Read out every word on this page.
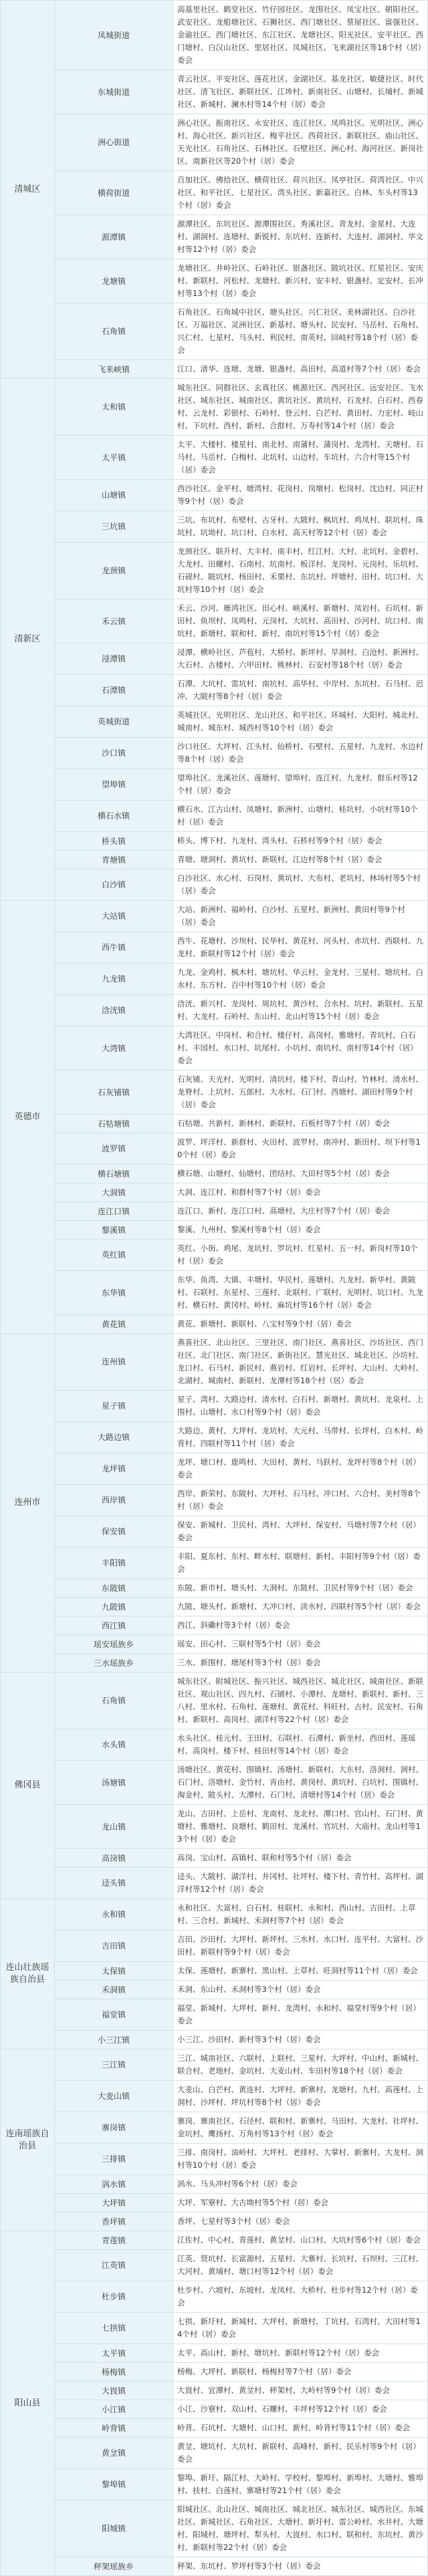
清城区	凤城街道	高基里社区、鹤堂社区、竹仔园社区、龙围社区、凤宝社区、朝阳社区、武安社区、龙船塘社区、石狮社区、西门塘社区、蔡屋社区、富强社区、金渝社区、西门塘社区、东江社区、龙塘社区、阳光社区、安平社区、西门塘村、白汉山社区、里居社区、凤城社区、飞来湖社区等18个村（居）委会
	东城街道	青云社区、平安社区、莲花社区、金湖社区、基龙社区、敏捷社区、时代社区、清飞社区、新联社区、江埗村、新南社区、山塘村、长埔村、新城社区、新城村、澜水村等14个村（居）委会
	洲心街道	洲心社区、振南社区、永安社区、连江社区、凤鸣社区、光明社区、洲心村、海心社区、新兴社区、梅平社区、西荷社区、新联社区、庙山社区、天光社区、石角社区、石林社区、石壁社区、洲心村、海河社区、新岗社区、南新社区等20个村（居）委会
	横荷街道	百加社区、佛拾社区、横荷社区、荷兴社区、凤亭社区、荷湾社区、中兴社区、和平社区、七星社区、湾头社区、新嘉社区、白林、车头村等13个村（居）委会
	源潭镇	源潭社区、东坑社区、源潭围社区、秀溪社区、青龙村、金星村、大连村、湖洞村、连塘村、新锐村、东坑村、连新村、大连村、湖洞村、华文村等12个村（居）委会
	龙塘镇	龙塘社区、井岭社区、石岭社区、银盏社区、陂坑社区、红星社区、安庆村、新联村、河松村、龙塘村、新兴村、安丰村、银盏村、定安村、长冲村等13个村（居）委会
	石角镇	石角社区、石角城中社区、塘头社区、兴仁社区、美林湖社区、白沙社区、万福社区、灵洲社区、新基村、塘头村、民安村、马岳村、石角村、兴仁村、七星村、马头村、利民村、南英村、回岐村等18个村（居）委会
	飞来峡镇	江口、清华、连塘、龙塘、银盏村、高田村、高道村等7个村（居）委会
清新区	太和镇	城东社区、同群社区、玄真社区、桃源社区、西河社区、远安社区、飞水社区、城东社区、城南社区、黄坑社区、黄坑村、石龙村、白石村、西春村、云龙村、彩银村、石岭村、登云村、白芒村、黄田村、力宏村、岐山村、下坑村、西村、新村、合群村、万寿村等14个村（居）委会
	太平镇	太平、大楼村、楼星村、南北村、南蒲村、蒲岗村、龙湾村、天塘村、石马村、马岳村、白梅村、北坑村、山边村、车坑村、六合村等15个村（居）委会
	山塘镇	西沙社区、金平村、塘湾村、花岗村、岗墩村、松岗村、沈边村、同正村等9个村（居）委会
	三坑镇	三坑、布坑村、布壁村、古牙村、大陂村、枫坑村、鸡凤村、联坑村、珠坑村、坑坳村、坑口村、白水村、高天村等12个村（居）委会
	龙颈镇	龙颈社区、联升村、大丰村、南丰村、红江村、大村、北坑村、金碧村、大龙村、田螺村、石南村、坑南村、板洋村、龙岗村、元岗村、乐坑村、石砚村、陂坑村、杨田村、禾栗村、东坑村、坪塘村、田村、坑口村、大坑村等10个村（居）委会
	禾云镇	禾云、沙河、雁鸿社区、田心村、峡溪村、新塘村、凤岩村、石坑村、新田村、鱼坝村、凤鸣村、元岗村、大坑村、高田村、沙河村、坑口村、南坑村、新塘村、联和村、新村、南坑村等15个村（居）委会
	浸潭镇	浸潭、横岭社区、芦苞村、大桥村、新坪村、旱洞村、白沧村、新洲村、大石村、古楼村、六甲田村、桃林村、石安村等18个村（居）委会
	石潭镇	石潭、大坑村、雷坑村、南坑村、高华村、中岸村、东坑村、石马村、迟冲、大陂村等8个村（居）委会
	英城街道	英城社区、光明社区、龙山社区、和平社区、环城村、大阳村、城北村、城南村、城东村、城西村等10个村（居）委会
	沙口镇	沙口社区、大坪村、江头村、仙桥村、石壁村、五星村、九龙村、水边村等8个村（居）委会
	望埠镇	望埠社区、龙溪社区、莲塘村、望埠村、连江村、九龙村、群乐村等12个村（居）委会
	横石水镇	横石水、江古山村、凤塘村、新洲村、山塘村、桂坑村、小坑村等10个村（居）委会
	桥头镇	桥头、博下村、九龙村、湾头村、石桥村等9个村（居）委会
	青塘镇	青塘、塘洞村、黄坑村、新联村、江边村等8个村（居）委会
	白沙镇	白沙社区、水心村、石岗村、黄坑村、大布村、老坑村、林场村等5个村（居）委会
英德市	大站镇	大站、新洲村、福岭村、白沙村、五星村、新洲村、黄田村等9个村（居）委会
	西牛镇	西牛、花塘村、沙坝村、民华村、黄花村、河头村、赤坑村、西联村、九龙村、新联村等12个村（居）委会
	九龙镇	九龙、金鸡村、枫木村、塘坑村、华云村、金龙村、三星村、塘坑村、白水村、东方村、百中村等10个村（居）委会
	浛洸镇	浛洸、新兴村、龙岗村、周坑村、黄沙村、合水村、坑村、新联村、五星村、大龙村、石岭村、东山村、北山村等15个村（居）委会
	大湾镇	大湾社区、中岗村、和合村、楼仔村、高岗村、雅塘村、青坑村、白石村、丰园村、水口村、坑尾村、小坑村、南坑村、南村等14个村（居）委会
	石灰铺镇	石灰铺、天光村、光明村、清坑村、楼下村、青山村、竹林村、清水村、龙脊村、上坑村、五郎村、大水村、石门村、西塘村、湖田村等9个村（居）委会
	石牯塘镇	石牯塘、共新村、新林村、新联村、石板村等7个村（居）委会
	波罗镇	波罗、坪洋村、新群村、火田村、波罗村、南冲村、新田村、坝下村等10个村（居）委会
	横石塘镇	横石塘、山塘村、仙塘村、团结村、大田村等5个村（居）委会
	大洞镇	大洞、连江村、和群村等7个村（居）委会
	连江口镇	连江口、新村、连江口村、高塘村、大庄村等7个村（居）委会
	黎溪镇	黎溪、九州村、黎溪村等8个村（居）委会
	英红镇	英红、小街、鸡尾、龙坑村、罗坑村、红星村、五一村、新岗村等10个村（居）委会
	东华镇	东华、鱼湾、大镇、丰塘村、华民村、莲塘村、九龙村、新华村、黄陂村、石联村、东星村、三莲村、北联村、广联村、光明村、坑口村、九龙村、横石村、黄冈村、岭村、麻坑村等16个村（居）委会
	黄花镇	黄花、新塘村、新联村、八宝村等9个村（居）委会
连州市	连州镇	燕喜社区、北山社区、三里社区、南门社区、燕喜社区、沙坊社区、西门社区、北门社区、南门社区、新街社区、慧光社区、城北社区、沙坊村、龙口村、石马村、新民村、燕岩村、红岩村、长坪村、大山村、大岭村、北湖村、城南村、新联村、龙潭村等18个村（居）委会
	星子镇	星子、湾村、大路边村、清水村、白石村、新塘村、黄坑村、龙泉村、上围村、山塘村、水口村等9个村（居）委会
	大路边镇	大路边、黄村、大坪村、龙坑村、大元村、马带村、长坪村、白木村、岭背村、四联村等11个村（居）委会
	龙坪镇	龙坪、塘口村、鹿鸣村、大田村、黄村、马跃村、龙坪村等8个村（居）委会
	西岸镇	西岸、新荣村、东陂村、大坪村、石马村、冲口村、六合村、美村等8个村（居）委会
	保安镇	保安、新城村、卫民村、湾村、大坪村、保安村、马塘村等7个村（居）委会
	丰阳镇	丰阳、夏东村、东村、畔水村、联塘村、新村、丰阳村等9个村（居）委会
	东陂镇	东陂、新市村、塘头村、大洞村、东陂村、卫民村等9个村（居）委会
	九陂镇	九陂、塘头村、新塘村、大冲口村、淡水村、四联村等5个村（居）委会
	西江镇	西江、斜磡村等3个村（居）委会
	瑶安瑶族乡	瑶安、田心村、三联村等5个村（居）委会
	三水瑶族乡	三水、新围村、塘尾村等3个村（居）委会
佛冈县	石角镇	城东社区、附城社区、振兴社区、城西社区、城北社区、城南社区、新联社区、观山社区、四九村、石铺村、小潭村、龙塘村、新联村、新村、三八村、里水村、石角村、莲塘村、黄花村、科旺村、古村、民安村、石角村、新联村、高岗村、湖洋村等22个村（居）委会
	水头镇	水头社区、桂元村、王田村、石联村、石潭村、新坐村、西田村、莲瑶村、高岗村、楼下村、桂田村等14个村（居）委会
	汤塘镇	汤塘社区、黄花村、围镇村、汤塘村、新联村、大东村、洛洞村、洞村、石门村、洛塘村、金竹村、宵由村、黄岗村、黄坑村、白坑村、围镇村、淘金村、陂头村、大潭村、石门村、清塘村等14个村（居）委会
	龙山镇	龙山、吉田村、上岳村、龙南村、龙北村、潭口村、官山村、石门村、黄塘村、雅塘村、良塘村、鹤田村、龙溪村、官坑村、大庙村、龙山村等13个村（居）委会
	高岗镇	高岗、宝山村、高镇村、联和村等5个村（居）委会
	迳头镇	迳头、大陂村、湖洋村、井冈村、社坪村、楼下村、青竹村、高坪村、湖洋村等12个村（居）委会
连山壮族瑶族自治县	永和镇	永和社区、大富村、白石村、桂联村、永和村、西山村、吉田村、上草村、三合村、新城村、禾洞村等7个村（居）委会
	吉田镇	吉田、沙田村、大坪村、新坪村、三水村、水口村、连平村、大富村、沙田村、新联村等9个村（居）委会
	太保镇	太保、莲塘村、新寨村、黑山村、上草村、旺洞村等11个村（居）委会
	禾洞镇	禾洞、东山村、禾洞村等3个村（居）委会
	福堂镇	福堂、新城村、大坪村、新村、龙湾村、永和村、福堂村等9个村（居）委会
	小三江镇	小三江、沙田村、新村等3个村（居）委会
连南瑶族自治县	三江镇	三江、城南社区、六联村、上联村、三星村、大坪村、中山村、新城村、联合村、老地村、金坑村、大麦山村、车田村等18个村（居）委会
	大麦山镇	大麦山、白芒村、黄连村、大坪村、新寨村、龙塘村、九村、高莲村、上洞村、沙坪村、坪坑村等8个村（居）委会
	寨岗镇	寨岗、寨南社区、石径村、联和村、新寨村、马田村、大龙村、社坪村、金坑村、鹰扬村、万角村等13个村（居）委会
	三排镇	三排、南岗村、油岭村、大坪村、老排村、大掌村、新寨村、大龙村、洞村等10个村（居）委会
	涡水镇	涡水、马头冲村等6个村（居）委会
	大坪镇	大坪、军寮村、大古坳村等5个村（居）委会
	香坪镇	香坪、七星村等3个村（居）委会
阳山县	青莲镇	江佐村、中心村、青莲村、黄坌村、山口村、大坑村等6个村（居）委会
	江英镇	江英、贤坑村、长富源村、五星村、大寨村、长坑村、石坝村、三江村、大河村、黄埔村、塘口村等12个村（居）委会
	杜步镇	杜步村、六坡村、东坡村、龙凤村、大桥村、杜步村等12个村（居）委会
	七拱镇	七拱、新圩村、新城村、大坪村、新塘村、丁坑村、石湾村、大田村等14个村（居）委会
	太平镇	太平、高山村、新村、塘坑村、新联村等12个村（居）委会
	杨梅镇	杨梅、大坪村、新联村、杨梅村等7个村（居）委会
	大崀镇	大崀村、宜潭村、黄坌村、秤架村、大岭村等9个村（居）委会
	小江镇	小江、沙寮村、双山村、石螺村、丰坪村等12个村（居）委会
	岭背镇	岭背、石坑村、大塘村、山口村、新村、岭背村等11个村（居）委会
	黄坌镇	黄坌、塘坑村、大坑村、新联村、高峰村、新村、民乐村等9个村（居）委会
	黎埠镇	黎埠、新圩、隔江村、大岭村、学校村、黎埠村、新埠村、大塘村、雅埠村、扶村、白莲村、寨塘村等21个村（居）委会
	阳城镇	阳城社区、北山社区、城南社区、城北社区、城东社区、城西社区、东城社区、新城社区、石角社区、大塘村、新圩村、雷公岭村、水井村、大塘村、阳城村、塘坪村、犁头村、大崀村、水口村、联和村、东坑村、黄沙村、新联村等22个村（居）委会
	秤架瑶族乡	秤架、东坑村、罗坪村等3个村（居）委会
